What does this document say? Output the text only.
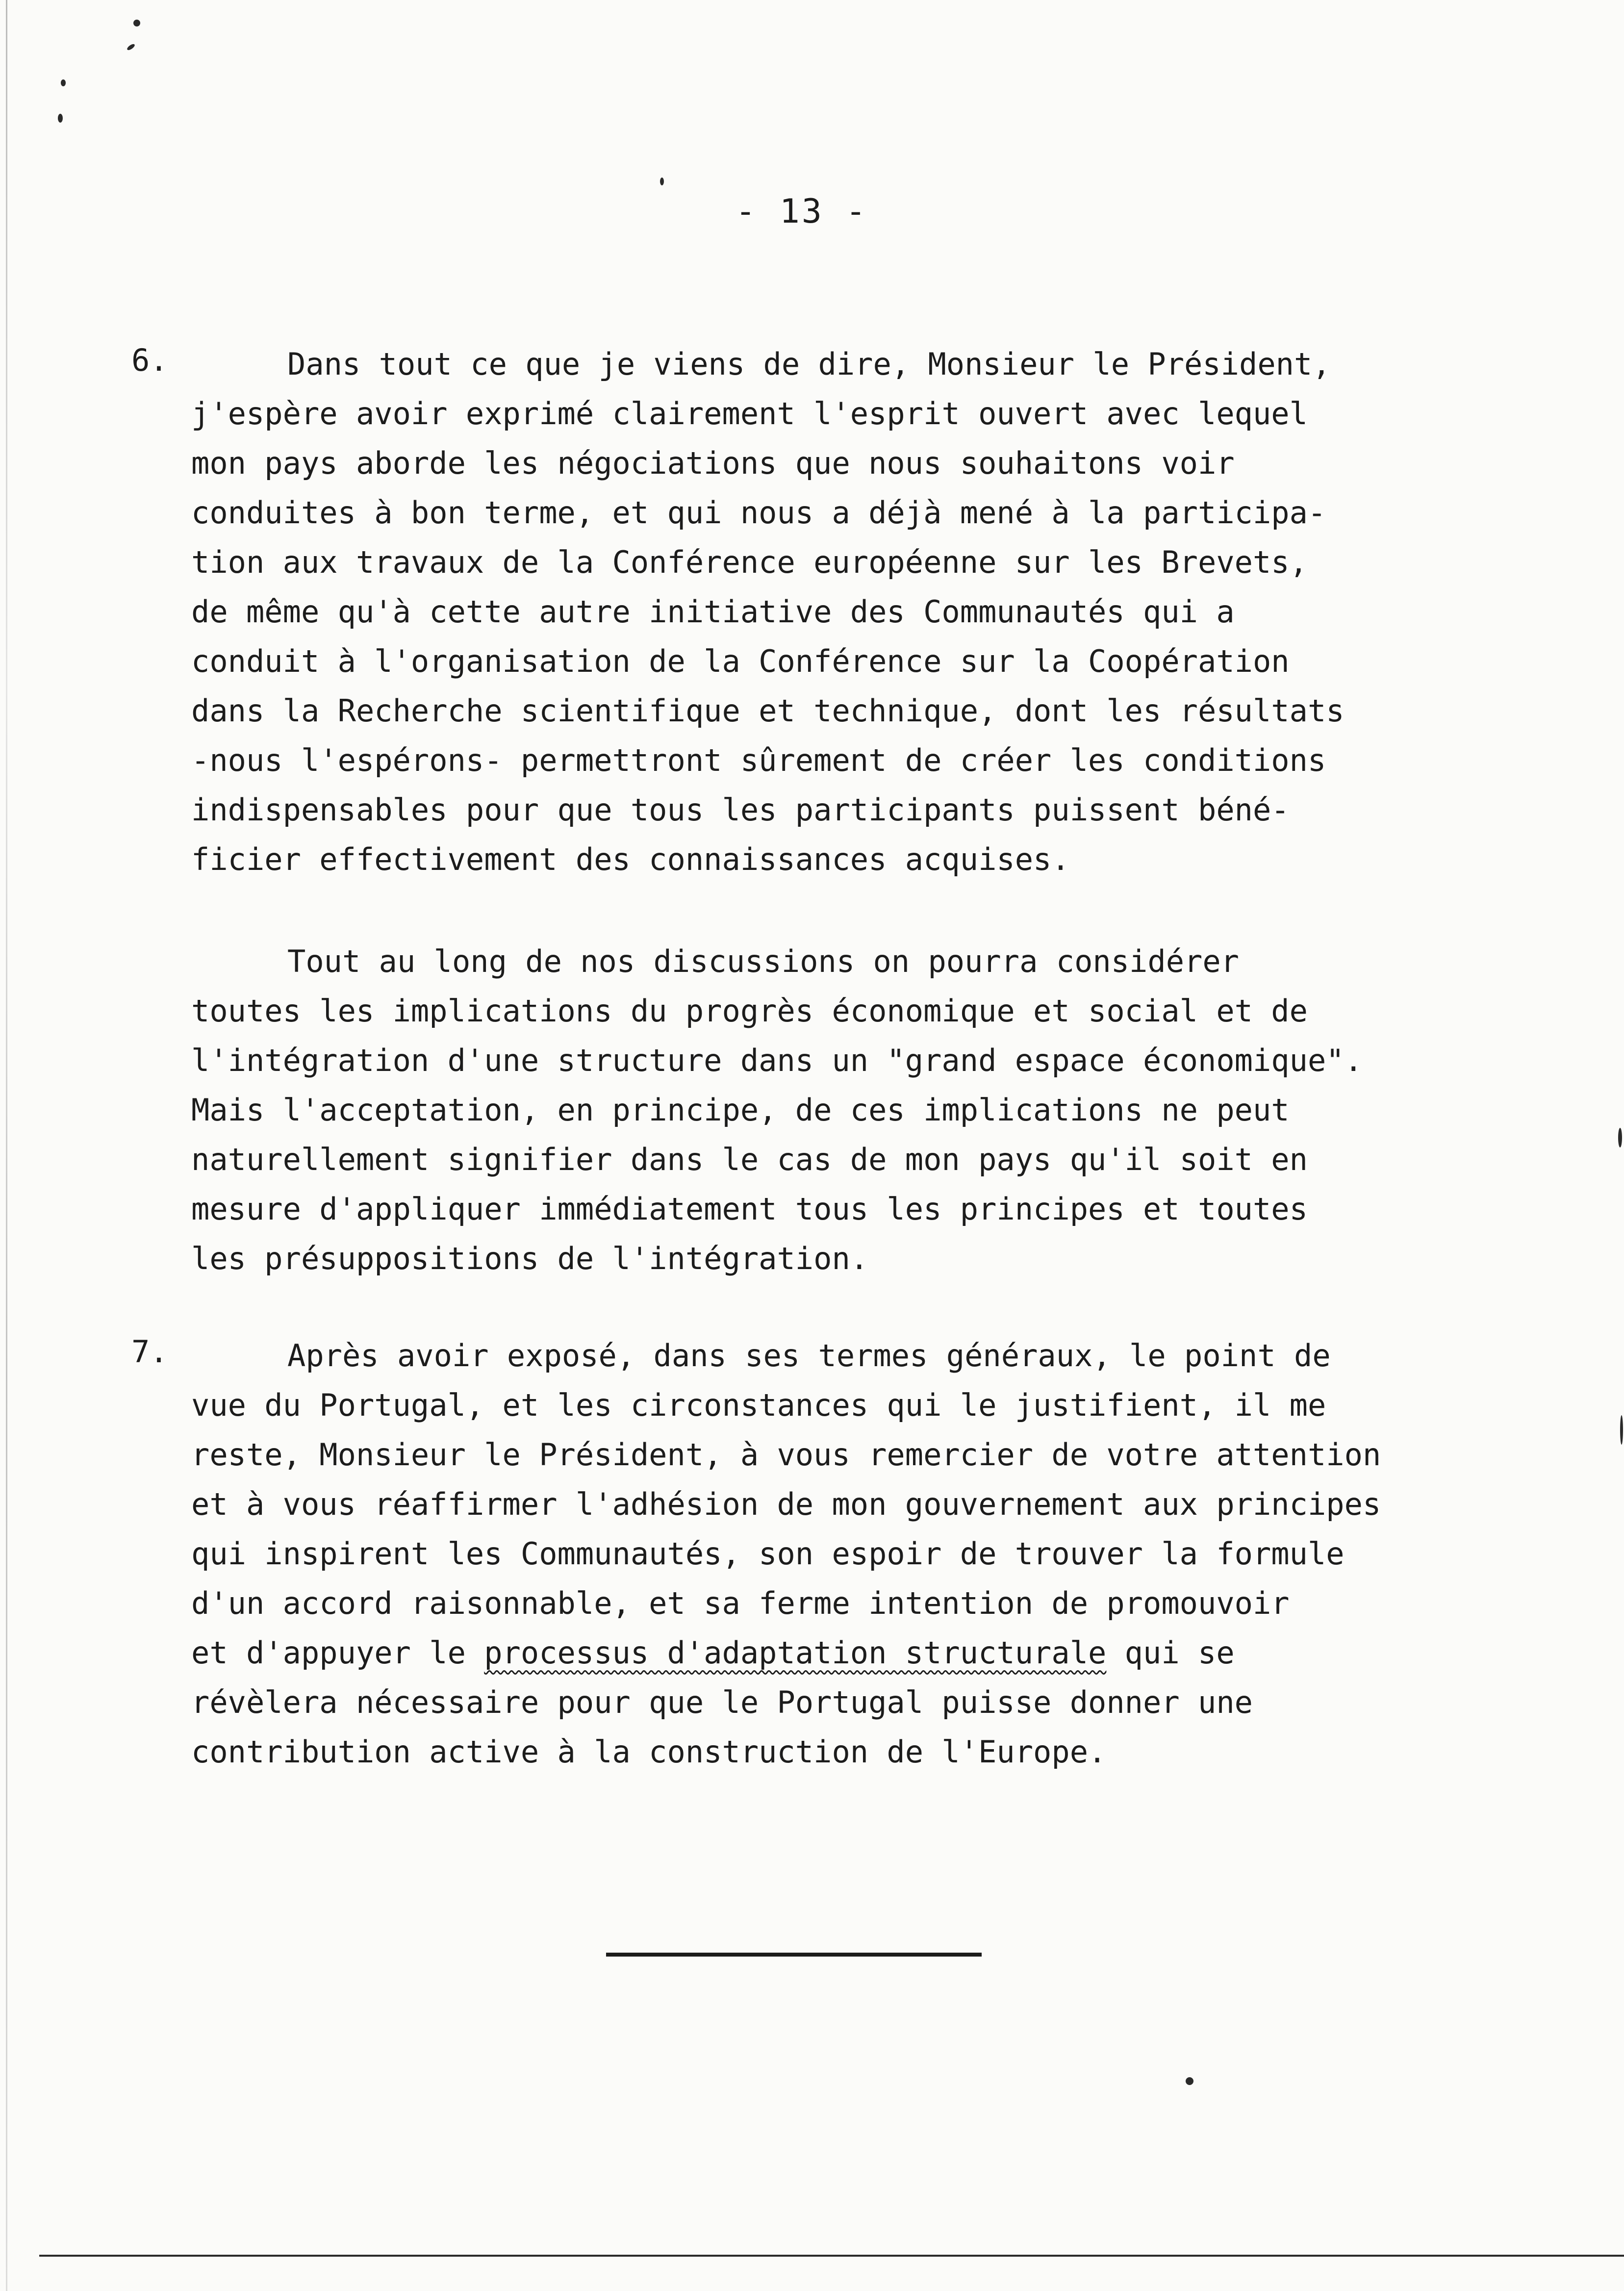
- 13 -
6.	Dans tout ce que je viens de dire, Monsieur le Président,
j'espère avoir exprimé clairement l'esprit ouvert avec lequel
mon pays aborde les négociations que nous souhaitons voir
conduites à bon terme, et qui nous a déjà mené à la participa-
tion aux travaux de la Conférence européenne sur les Brevets,
de même qu'à cette autre initiative des Communautés qui a
conduit à l'organisation de la Conférence sur la Coopération
dans la Recherche scientifique et technique, dont les résultats
-nous l'espérons- permettront sûrement de créer les conditions
indispensables pour que tous les participants puissent béné-
ficier effectivement des connaissances acquises.
Tout au long de nos discussions on pourra considérer
toutes les implications du progrès économique et social et de
l'intégration d'une structure dans un "grand espace économique".
Mais l'acceptation, en principe, de ces implications ne peut
naturellement signifier dans le cas de mon pays qu'il soit en
mesure d'appliquer immédiatement tous les principes et toutes
les présuppositions de l'intégration.
7.	Après avoir exposé, dans ses termes généraux, le point de
vue du Portugal, et les circonstances qui le justifient, il me
reste, Monsieur le Président, à vous remercier de votre attention
et à vous réaffirmer l'adhésion de mon gouvernement aux principes
qui inspirent les Communautés, son espoir de trouver la formule
d'un accord raisonnable, et sa ferme intention de promouvoir
et d'appuyer le processus d'adaptation structurale qui se
révèlera nécessaire pour que le Portugal puisse donner une
contribution active à la construction de l'Europe.
